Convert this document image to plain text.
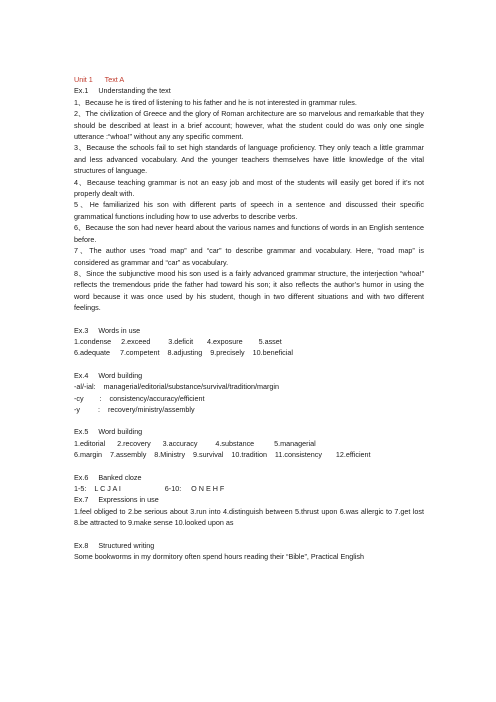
Unit 1      Text A
Ex.1     Understanding the text
1、Because he is tired of listening to his father and he is not interested in grammar rules.
2、The civilization of Greece and the glory of Roman architecture are so marvelous and remarkable that they should be described at least in a brief account; however, what the student could do was only one single utterance :“whoa!” without any any specific comment.
3、Because the schools fail to set high standards of language proficiency. They only teach a little grammar and less advanced vocabulary. And the younger teachers themselves have little knowledge of the vital structures of language.
4、Because teaching grammar is not an easy job and most of the students will easily get bored if it’s not properly dealt with.
5、He familiarized his son with different parts of speech in a sentence and discussed their specific grammatical functions including how to use adverbs to describe verbs.
6、Because the son had never heard about the various names and functions of words in an English sentence before.
7、The author uses “road map” and “car” to describe grammar and vocabulary. Here, “road map” is considered as grammar and “car” as vocabulary.
8、Since the subjunctive mood his son used is a fairly advanced grammar structure, the interjection “whoa!” reflects the tremendous pride the father had toward his son; it also reflects the author’s humor in using the word because it was once used by his student, though in two different situations and with two different feelings.
Ex.3     Words in use
1.condense     2.exceed         3.deficit       4.exposure        5.asset
6.adequate     7.competent    8.adjusting    9.precisely    10.beneficial
Ex.4     Word building
-al/-ial:    managerial/editorial/substance/survival/tradition/margin
-cy        :    consistency/accuracy/efficient
-y         :    recovery/ministry/assembly
Ex.5     Word building
1.editorial      2.recovery      3.accuracy         4.substance          5.managerial
6.margin    7.assembly    8.Ministry    9.survival    10.tradition    11.consistency       12.efficient
Ex.6     Banked cloze
1-5:    L C J A I                      6-10:     O N E H F
Ex.7     Expressions in use
1.feel obliged to 2.be serious about 3.run into 4.distinguish between 5.thrust upon 6.was allergic to 7.get lost 8.be attracted to 9.make sense 10.looked upon as
Ex.8     Structured writing
Some bookworms in my dormitory often spend hours reading their “Bible”, Practical English
